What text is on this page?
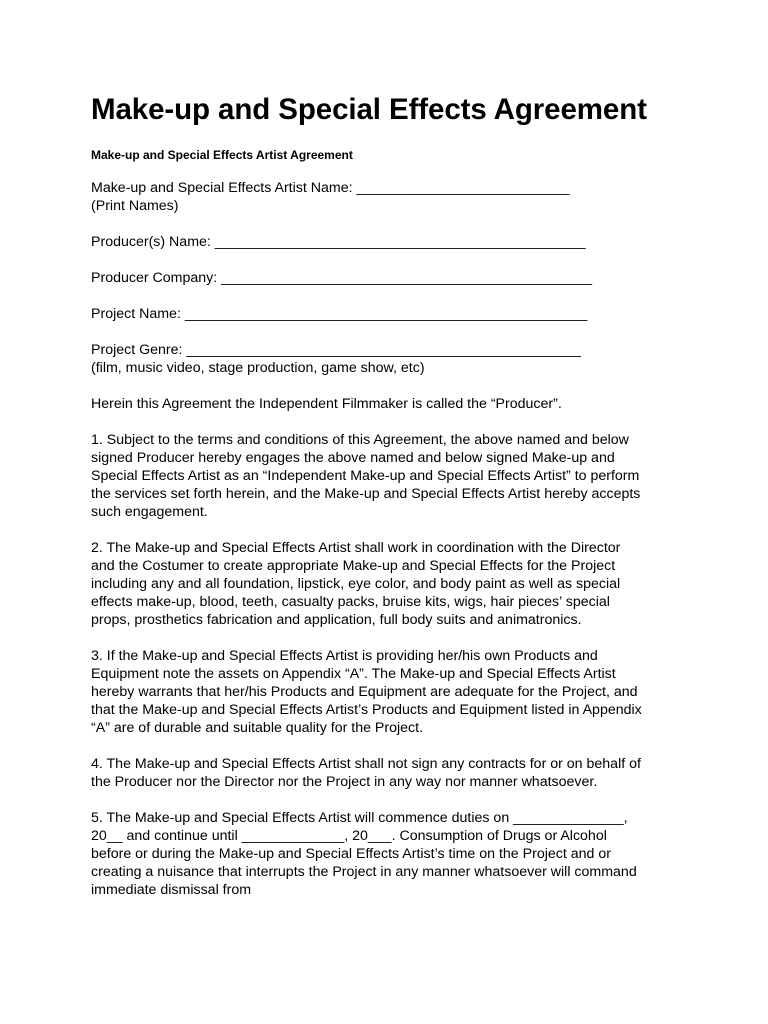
Make-up and Special Effects Agreement
Make-up and Special Effects Artist Agreement
Make-up and Special Effects Artist Name: ___________________________
(Print Names)
Producer(s) Name: _______________________________________________
Producer Company: _______________________________________________
Project Name: ___________________________________________________
Project Genre: __________________________________________________
(film, music video, stage production, game show, etc)
Herein this Agreement the Independent Filmmaker is called the “Producer”.
1. Subject to the terms and conditions of this Agreement, the above named and below
signed Producer hereby engages the above named and below signed Make-up and
Special Effects Artist as an “Independent Make-up and Special Effects Artist” to perform
the services set forth herein, and the Make-up and Special Effects Artist hereby accepts
such engagement.
2. The Make-up and Special Effects Artist shall work in coordination with the Director
and the Costumer to create appropriate Make-up and Special Effects for the Project
including any and all foundation, lipstick, eye color, and body paint as well as special
effects make-up, blood, teeth, casualty packs, bruise kits, wigs, hair pieces’ special
props, prosthetics fabrication and application, full body suits and animatronics.
3. If the Make-up and Special Effects Artist is providing her/his own Products and
Equipment note the assets on Appendix “A”. The Make-up and Special Effects Artist
hereby warrants that her/his Products and Equipment are adequate for the Project, and
that the Make-up and Special Effects Artist’s Products and Equipment listed in Appendix
“A” are of durable and suitable quality for the Project.
4. The Make-up and Special Effects Artist shall not sign any contracts for or on behalf of
the Producer nor the Director nor the Project in any way nor manner whatsoever.
5. The Make-up and Special Effects Artist will commence duties on ______________,
20__ and continue until _____________, 20___. Consumption of Drugs or Alcohol
before or during the Make-up and Special Effects Artist’s time on the Project and or
creating a nuisance that interrupts the Project in any manner whatsoever will command
immediate dismissal from
